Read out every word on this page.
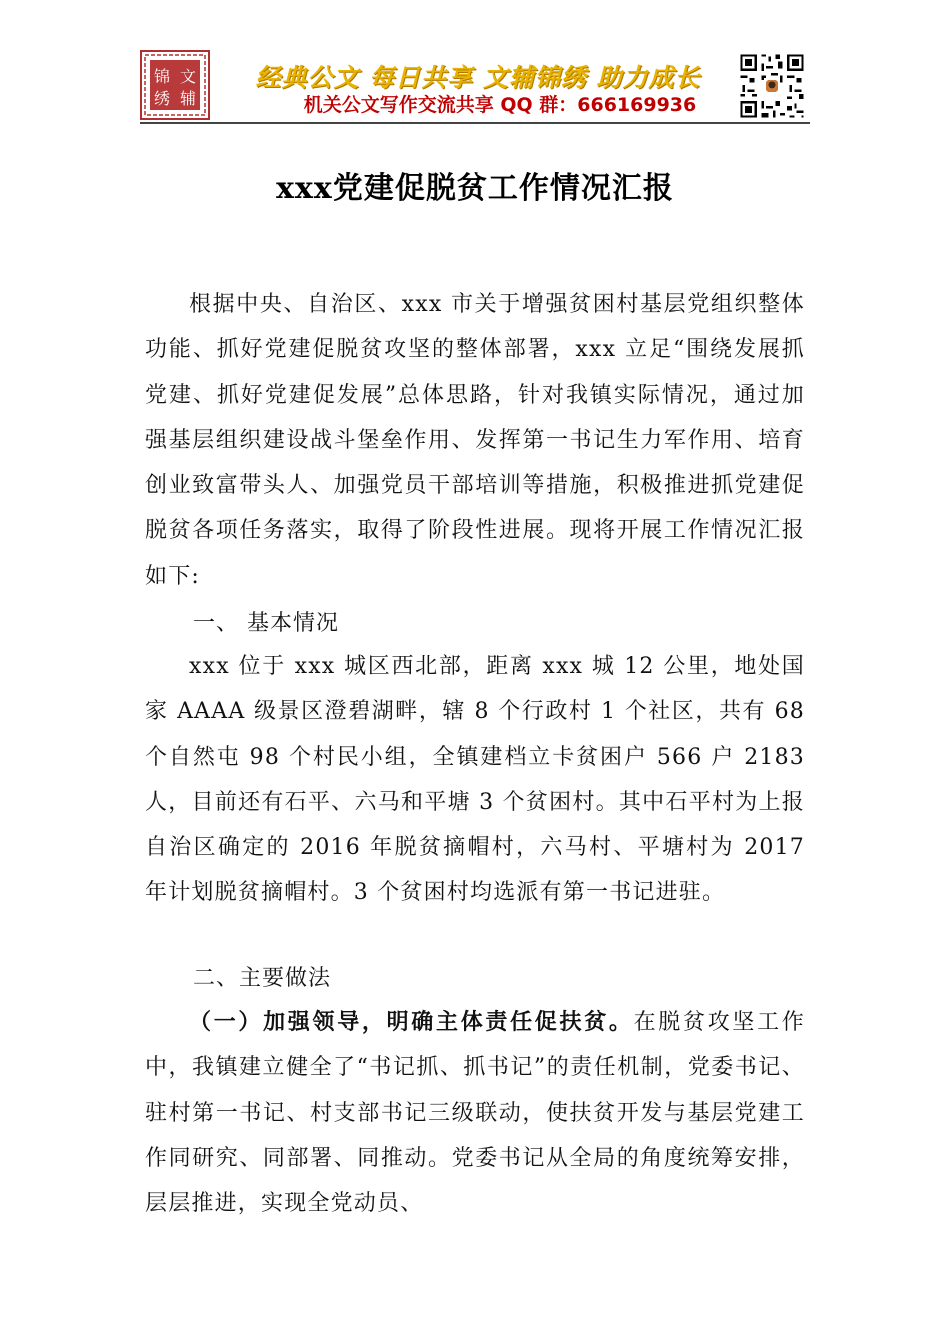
锦 文
绣 辅
经典公文 每日共享 文辅锦绣 助力成长
机关公文写作交流共享 QQ 群：666169936
xxx党建促脱贫工作情况汇报
根据中央、自治区、xxx 市关于增强贫困村基层党组织整体功能、抓好党建促脱贫攻坚的整体部署，xxx 立足“围绕发展抓党建、抓好党建促发展”总体思路，针对我镇实际情况，通过加强基层组织建设战斗堡垒作用、发挥第一书记生力军作用、培育创业致富带头人、加强党员干部培训等措施，积极推进抓党建促脱贫各项任务落实，取得了阶段性进展。现将开展工作情况汇报如下:
一、 基本情况
xxx 位于 xxx 城区西北部，距离 xxx 城 12 公里，地处国家 AAAA 级景区澄碧湖畔，辖 8 个行政村 1 个社区，共有 68 个自然屯 98 个村民小组，全镇建档立卡贫困户 566 户 2183 人，目前还有石平、六马和平塘 3 个贫困村。其中石平村为上报自治区确定的 2016 年脱贫摘帽村，六马村、平塘村为 2017 年计划脱贫摘帽村。3 个贫困村均选派有第一书记进驻。
二、主要做法
（一）加强领导，明确主体责任促扶贫。在脱贫攻坚工作中，我镇建立健全了“书记抓、抓书记”的责任机制，党委书记、驻村第一书记、村支部书记三级联动，使扶贫开发与基层党建工作同研究、同部署、同推动。党委书记从全局的角度统筹安排，层层推进，实现全党动员、
